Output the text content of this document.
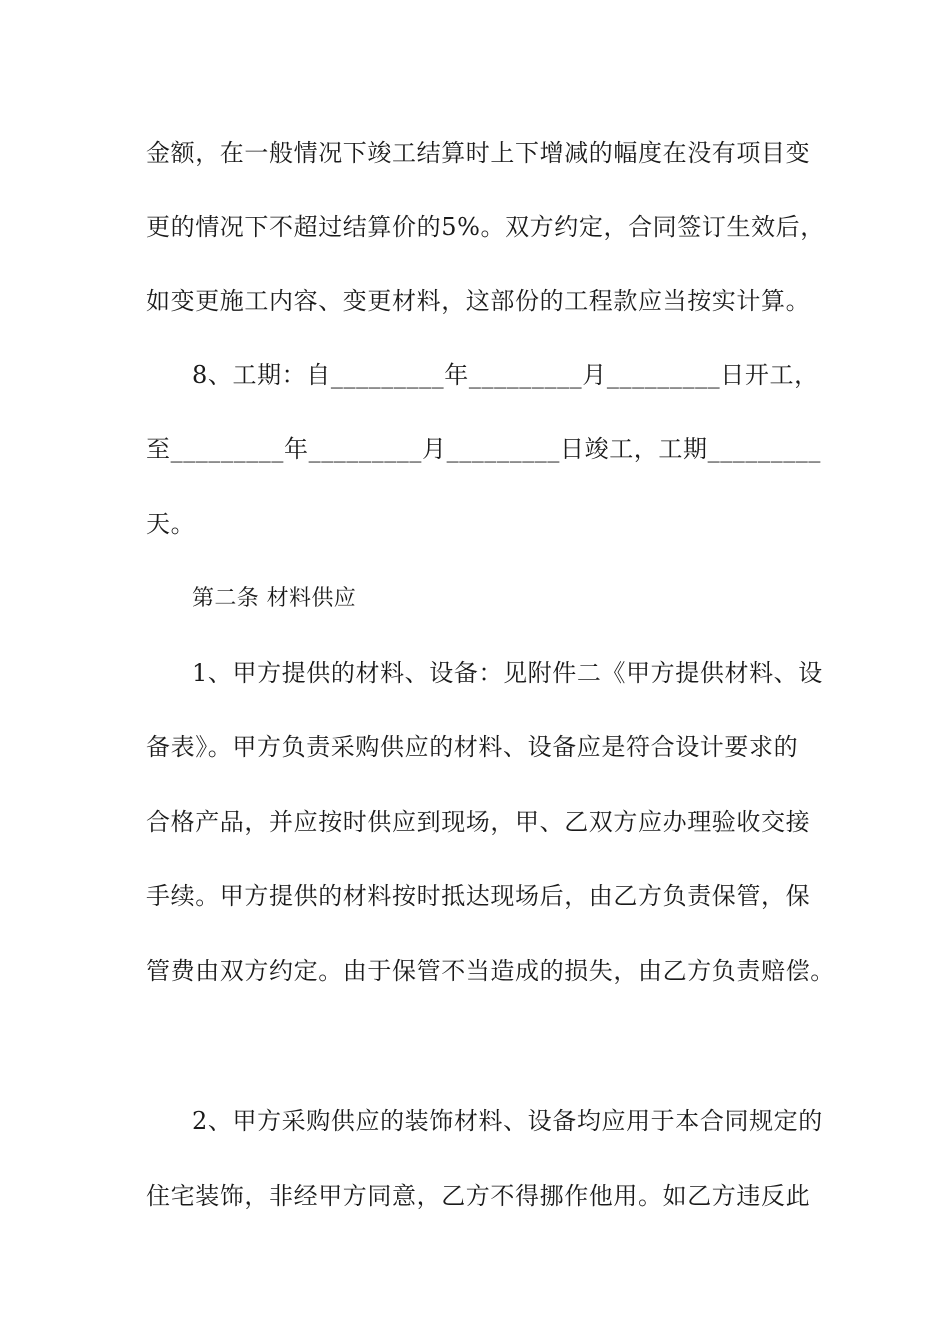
金额，在一般情况下竣工结算时上下增减的幅度在没有项目变
更的情况下不超过结算价的5%。双方约定，合同签订生效后，
如变更施工内容、变更材料，这部份的工程款应当按实计算。
8、工期：自_________年_________月_________日开工，
至_________年_________月_________日竣工，工期_________
天。
第二条 材料供应
1、甲方提供的材料、设备：见附件二《甲方提供材料、设
备表》。甲方负责采购供应的材料、设备应是符合设计要求的
合格产品，并应按时供应到现场，甲、乙双方应办理验收交接
手续。甲方提供的材料按时抵达现场后，由乙方负责保管，保
管费由双方约定。由于保管不当造成的损失，由乙方负责赔偿。
2、甲方采购供应的装饰材料、设备均应用于本合同规定的
住宅装饰，非经甲方同意，乙方不得挪作他用。如乙方违反此
